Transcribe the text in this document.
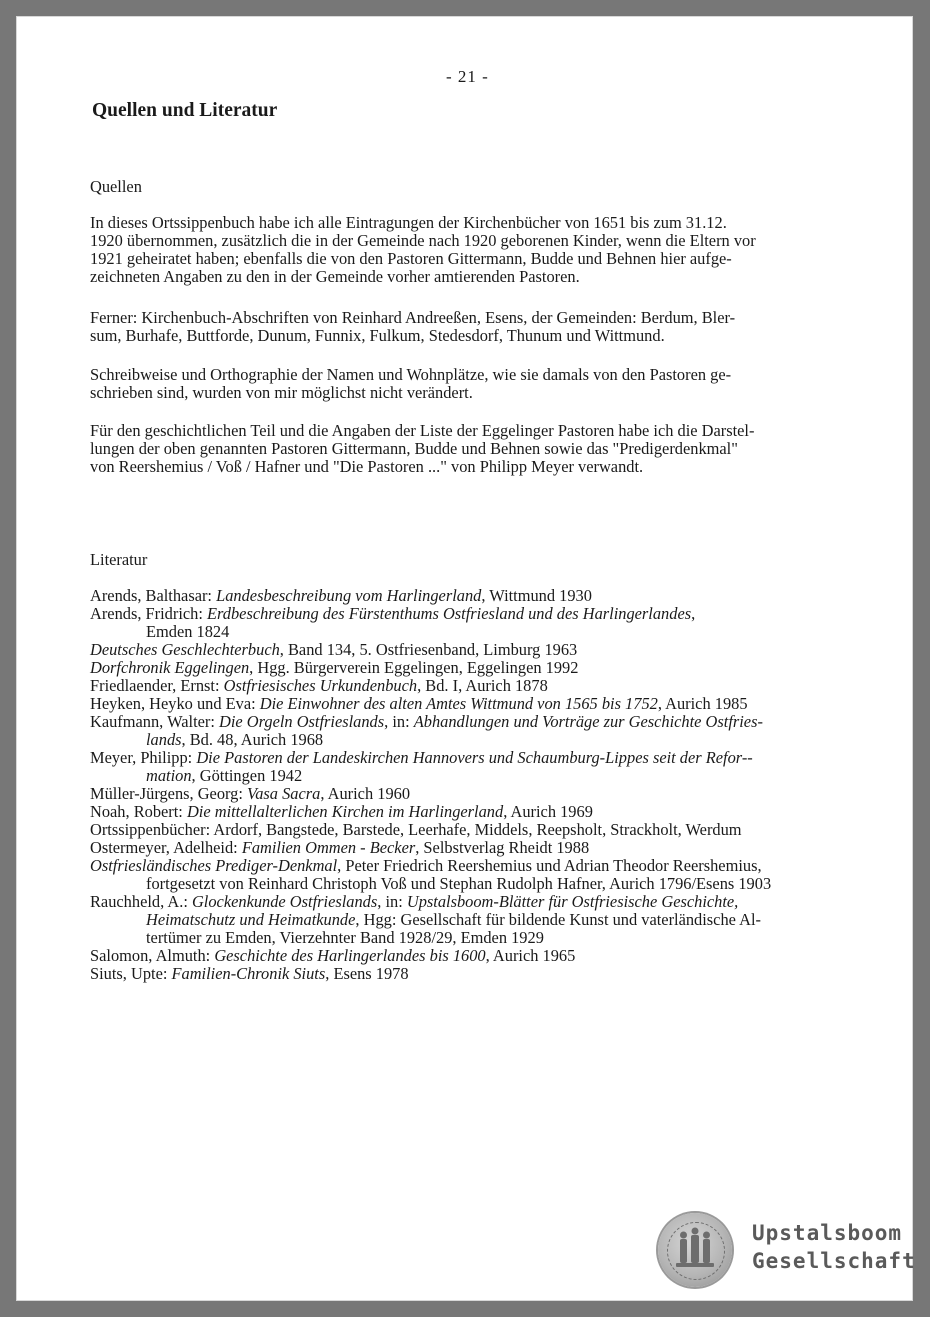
- 21 -
Quellen und Literatur
Quellen

In dieses Ortssippenbuch habe ich alle Eintragungen der Kirchenbücher von 1651 bis zum 31.12.
1920 übernommen, zusätzlich die in der Gemeinde nach 1920 geborenen Kinder, wenn die Eltern vor
1921 geheiratet haben; ebenfalls die von den Pastoren Gittermann, Budde und Behnen hier aufge-
zeichneten Angaben zu den in der Gemeinde vorher amtierenden Pastoren.

Ferner: Kirchenbuch-Abschriften von Reinhard Andreeßen, Esens, der Gemeinden: Berdum, Bler-
sum, Burhafe, Buttforde, Dunum, Funnix, Fulkum, Stedesdorf, Thunum und Wittmund.

Schreibweise und Orthographie der Namen und Wohnplätze, wie sie damals von den Pastoren ge-
schrieben sind, wurden von mir möglichst nicht verändert.

Für den geschichtlichen Teil und die Angaben der Liste der Eggelinger Pastoren habe ich die Darstel-
lungen der oben genannten Pastoren Gittermann, Budde und Behnen sowie das "Predigerdenkmal"
von Reershemius / Voß / Hafner und "Die Pastoren ..." von Philipp Meyer verwandt.

Literatur
Arends, Balthasar: Landesbeschreibung vom Harlingerland, Wittmund 1930
Arends, Fridrich: Erdbeschreibung des Fürstenthums Ostfriesland und des Harlingerlandes,
Emden 1824
Deutsches Geschlechterbuch, Band 134, 5. Ostfriesenband, Limburg 1963
Dorfchronik Eggelingen, Hgg. Bürgerverein Eggelingen, Eggelingen 1992
Friedlaender, Ernst: Ostfriesisches Urkundenbuch, Bd. I, Aurich 1878
Heyken, Heyko und Eva: Die Einwohner des alten Amtes Wittmund von 1565 bis 1752, Aurich 1985
Kaufmann, Walter: Die Orgeln Ostfrieslands, in: Abhandlungen und Vorträge zur Geschichte Ostfries-
lands, Bd. 48, Aurich 1968
Meyer, Philipp: Die Pastoren der Landeskirchen Hannovers und Schaumburg-Lippes seit der Refor--
mation, Göttingen 1942
Müller-Jürgens, Georg: Vasa Sacra, Aurich 1960
Noah, Robert: Die mittellalterlichen Kirchen im Harlingerland, Aurich 1969
Ortssippenbücher: Ardorf, Bangstede, Barstede, Leerhafe, Middels, Reepsholt, Strackholt, Werdum
Ostermeyer, Adelheid: Familien Ommen - Becker, Selbstverlag Rheidt 1988
Ostfriesländisches Prediger-Denkmal, Peter Friedrich Reershemius und Adrian Theodor Reershemius,
fortgesetzt von Reinhard Christoph Voß und Stephan Rudolph Hafner, Aurich 1796/Esens 1903
Rauchheld, A.: Glockenkunde Ostfrieslands, in: Upstalsboom-Blätter für Ostfriesische Geschichte,
Heimatschutz und Heimatkunde, Hgg: Gesellschaft für bildende Kunst und vaterländische Al-
tertümer zu Emden, Vierzehnter Band 1928/29, Emden 1929
Salomon, Almuth: Geschichte des Harlingerlandes bis 1600, Aurich 1965
Siuts, Upte: Familien-Chronik Siuts, Esens 1978
Upstalsboom
Gesellschaft
